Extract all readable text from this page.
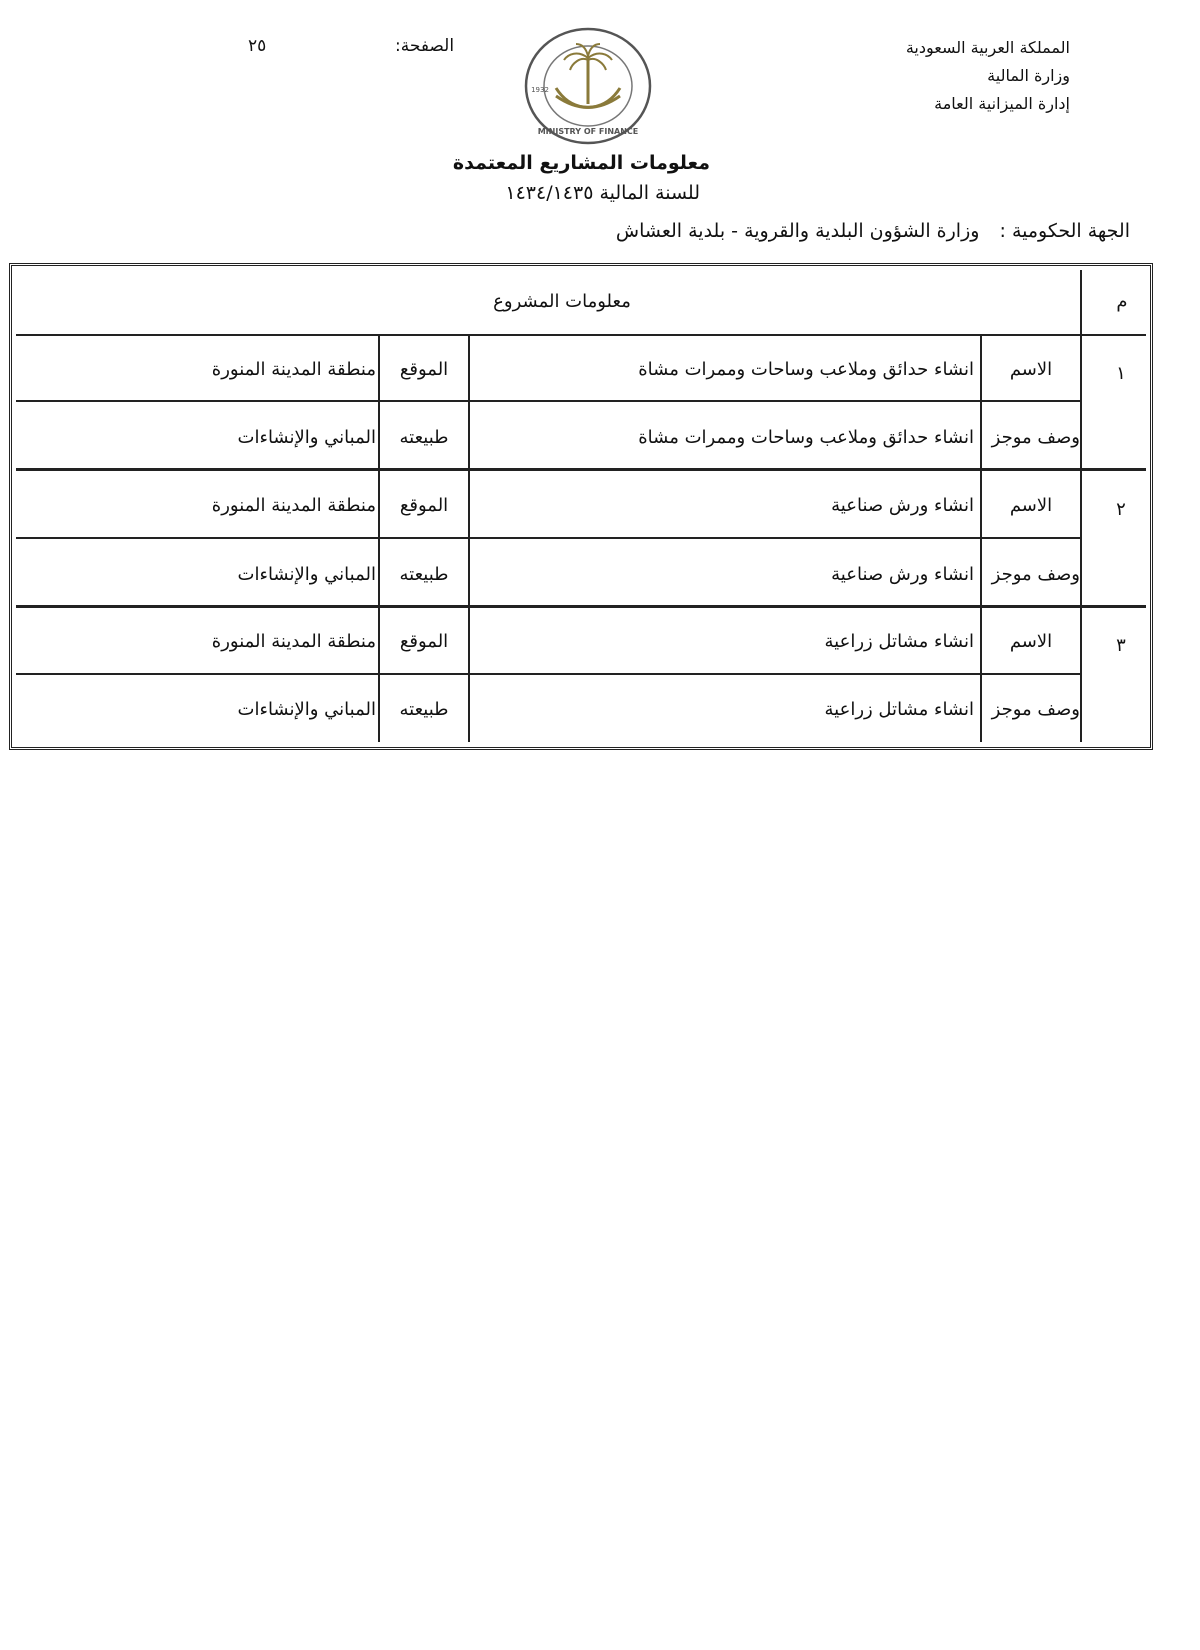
المملكة العربية السعودية
وزارة المالية
إدارة الميزانية العامة
الصفحة:
٢٥
MINISTRY OF FINANCE
1932
معلومات المشاريع المعتمدة
للسنة المالية ١٤٣٤/١٤٣٥
الجهة الحكومية : وزارة الشؤون البلدية والقروية - بلدية العشاش
م
معلومات المشروع
١
الاسم
انشاء حدائق وملاعب وساحات وممرات مشاة
الموقع
منطقة المدينة المنورة
وصف موجز
انشاء حدائق وملاعب وساحات وممرات مشاة
طبيعته
المباني والإنشاءات
٢
الاسم
انشاء ورش صناعية
الموقع
منطقة المدينة المنورة
وصف موجز
انشاء ورش صناعية
طبيعته
المباني والإنشاءات
٣
الاسم
انشاء مشاتل زراعية
الموقع
منطقة المدينة المنورة
وصف موجز
انشاء مشاتل زراعية
طبيعته
المباني والإنشاءات
